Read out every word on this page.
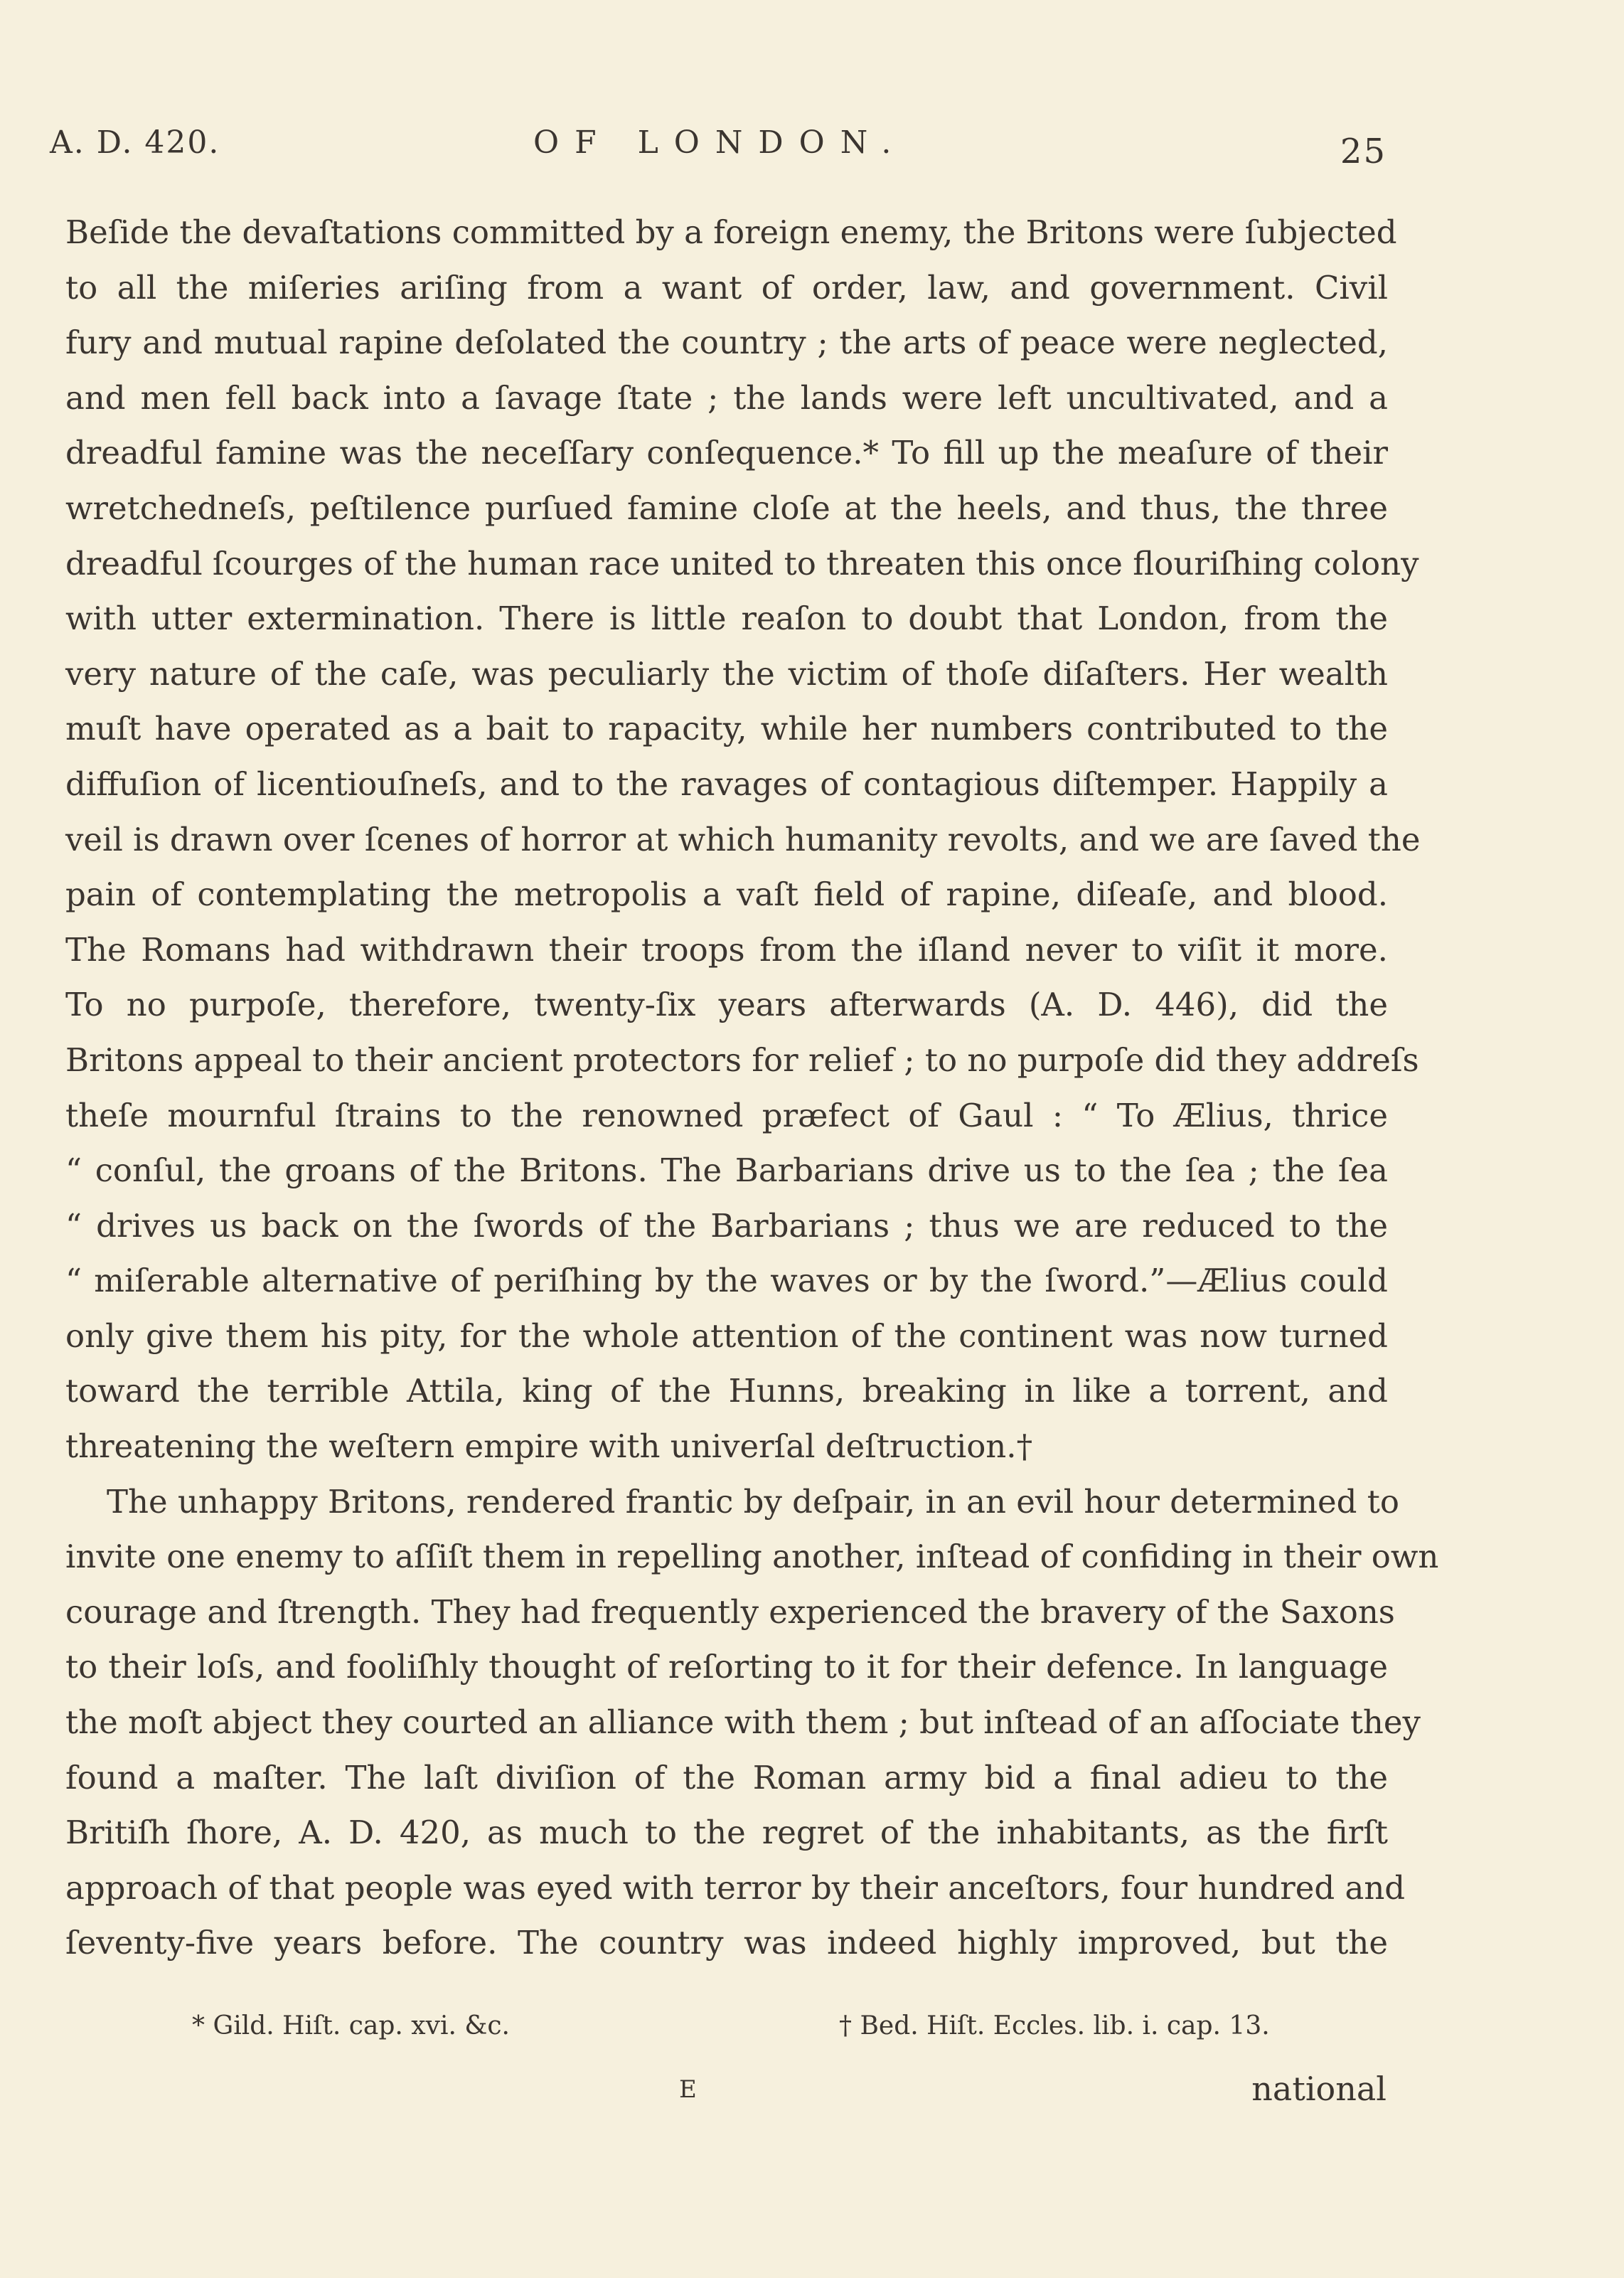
A. D. 420.	OF LONDON.	25
Beſide the devaſtations committed by a foreign enemy, the Britons were ſubjected
to all the miſeries ariſing from a want of order, law, and government. Civil
fury and mutual rapine deſolated the country ; the arts of peace were neglected,
and men fell back into a ſavage ſtate ; the lands were left uncultivated, and a
dreadful famine was the neceſſary conſequence.* To fill up the meaſure of their
wretchedneſs, peſtilence purſued famine cloſe at the heels, and thus, the three
dreadful ſcourges of the human race united to threaten this once flouriſhing colony
with utter extermination. There is little reaſon to doubt that London, from the
very nature of the caſe, was peculiarly the victim of thoſe diſaſters. Her wealth
muſt have operated as a bait to rapacity, while her numbers contributed to the
diffuſion of licentiouſneſs, and to the ravages of contagious diſtemper. Happily a
veil is drawn over ſcenes of horror at which humanity revolts, and we are ſaved the
pain of contemplating the metropolis a vaſt field of rapine, diſeaſe, and blood.
The Romans had withdrawn their troops from the iſland never to viſit it more.
To no purpoſe, therefore, twenty-ſix years afterwards (A. D. 446), did the
Britons appeal to their ancient protectors for relief ; to no purpoſe did they addreſs
theſe mournful ſtrains to the renowned præfect of Gaul : “ To Ælius, thrice
“ conſul, the groans of the Britons. The Barbarians drive us to the ſea ; the ſea
“ drives us back on the ſwords of the Barbarians ; thus we are reduced to the
“ miſerable alternative of periſhing by the waves or by the ſword.”—Ælius could
only give them his pity, for the whole attention of the continent was now turned
toward the terrible Attila, king of the Hunns, breaking in like a torrent, and
threatening the weſtern empire with univerſal deſtruction.†
The unhappy Britons, rendered frantic by deſpair, in an evil hour determined to
invite one enemy to aſſiſt them in repelling another, inſtead of confiding in their own
courage and ſtrength. They had frequently experienced the bravery of the Saxons
to their loſs, and fooliſhly thought of reſorting to it for their defence. In language
the moſt abject they courted an alliance with them ; but inſtead of an aſſociate they
found a maſter. The laſt diviſion of the Roman army bid a final adieu to the
Britiſh ſhore, A. D. 420, as much to the regret of the inhabitants, as the firſt
approach of that people was eyed with terror by their anceſtors, four hundred and
ſeventy-five years before. The country was indeed highly improved, but the
* Gild. Hiſt. cap. xvi. &c.	† Bed. Hiſt. Eccles. lib. i. cap. 13.
E	national
